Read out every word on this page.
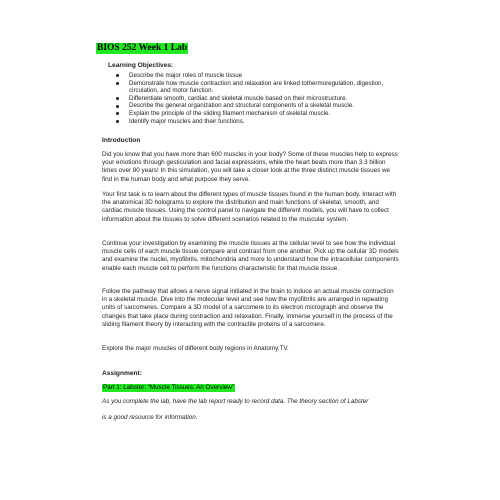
BIOS 252 Week 1 Lab
Learning Objectives:
Describe the major roles of muscle tissue
Demonstrate how muscle contraction and relaxation are linked tothermoregulation, digestion, circulation, and motor function.
Differentiate smooth, cardiac and skeletal muscle based on their microstructure.
Describe the general organization and structural components of a skeletal muscle.
Explain the principle of the sliding filament mechanism of skeletal muscle.
Identify major muscles and their functions.
Introduction

Did you know that you have more than 600 muscles in your body? Some of these muscles help to express your emotions through gesticulation and facial expressions, while the heart beats more than 3.3 billion times over 80 years! In this simulation, you will take a closer look at the three distinct muscle tissues we find in the human body and what purpose they serve.

Your first task is to learn about the different types of muscle tissues found in the human body. Interact with the anatomical 3D holograms to explore the distribution and main functions of skeletal, smooth, and cardiac muscle tissues. Using the control panel to navigate the different models, you will have to collect information about the tissues to solve different scenarios related to the muscular system.

Continue your investigation by examining the muscle tissues at the cellular level to see how the individual muscle cells of each muscle tissue compare and contrast from one another. Pick up the cellular 3D models and examine the nuclei, myofibrils, mitochondria and more to understand how the intracellular components enable each muscle cell to perform the functions characteristic for that muscle tissue.

Follow the pathway that allows a nerve signal initiated in the brain to induce an actual muscle contraction in a skeletal muscle. Dive into the molecular level and see how the myofibrils are arranged in repeating units of sarcomeres. Compare a 3D model of a sarcomere to its electron micrograph and observe the changes that take place during contraction and relaxation. Finally, immerse yourself in the process of the sliding filament theory by interacting with the contractile proteins of a sarcomere.

Explore the major muscles of different body regions in Anatomy.TV.

Assignment:
Part 1: Labster: “Muscle Tissues: An Overview”
As you complete the lab, have the lab report ready to record data. The theory section of Labster
is a good resource for information.
